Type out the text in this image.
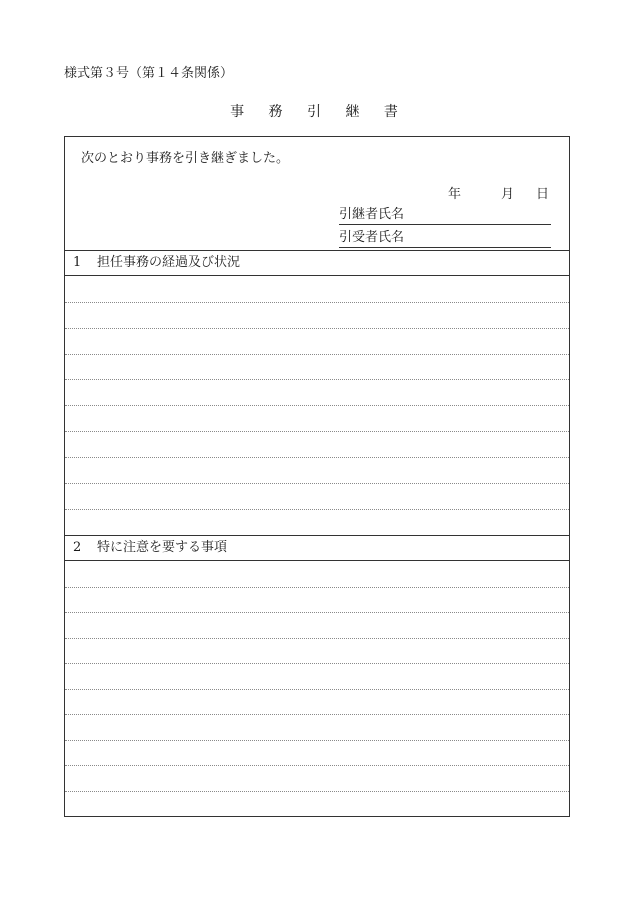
様式第３号（第１４条関係）
事 務 引 継 書
次のとおり事務を引き継ぎました。
年	月 日
引継者氏名
引受者氏名
1 担任事務の経過及び状況
2 特に注意を要する事項
